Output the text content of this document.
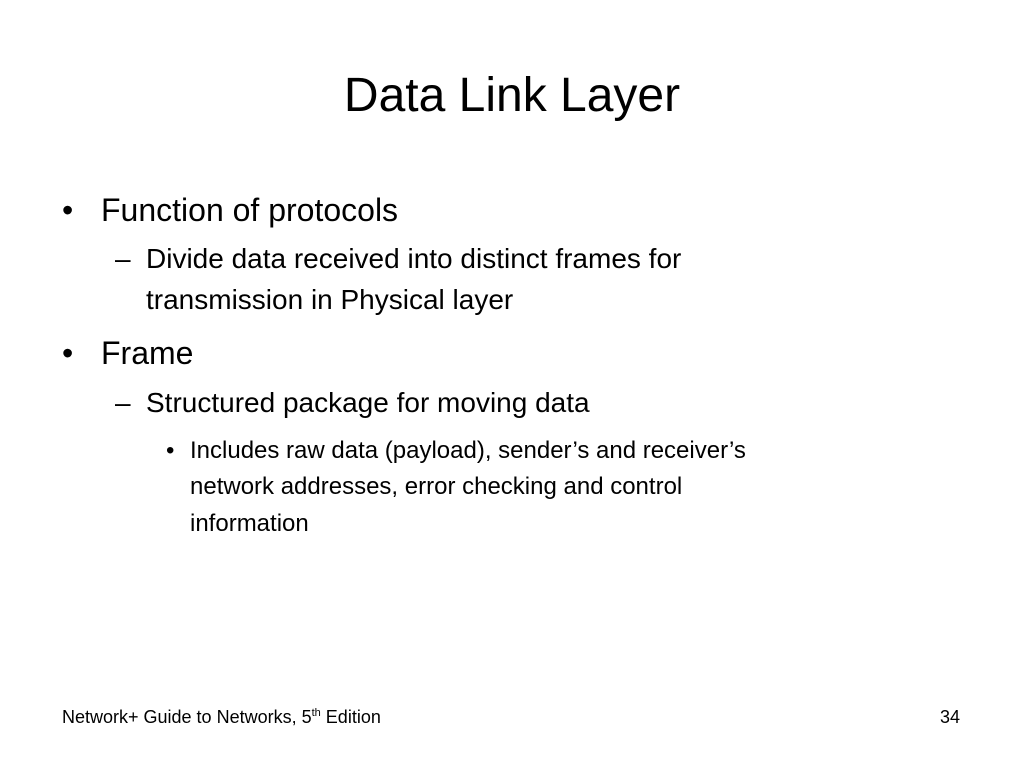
Data Link Layer
• Function of protocols
– Divide data received into distinct frames for
transmission in Physical layer
• Frame
– Structured package for moving data
• Includes raw data (payload), sender’s and receiver’s
network addresses, error checking and control
information
Network+ Guide to Networks, 5th Edition	34
